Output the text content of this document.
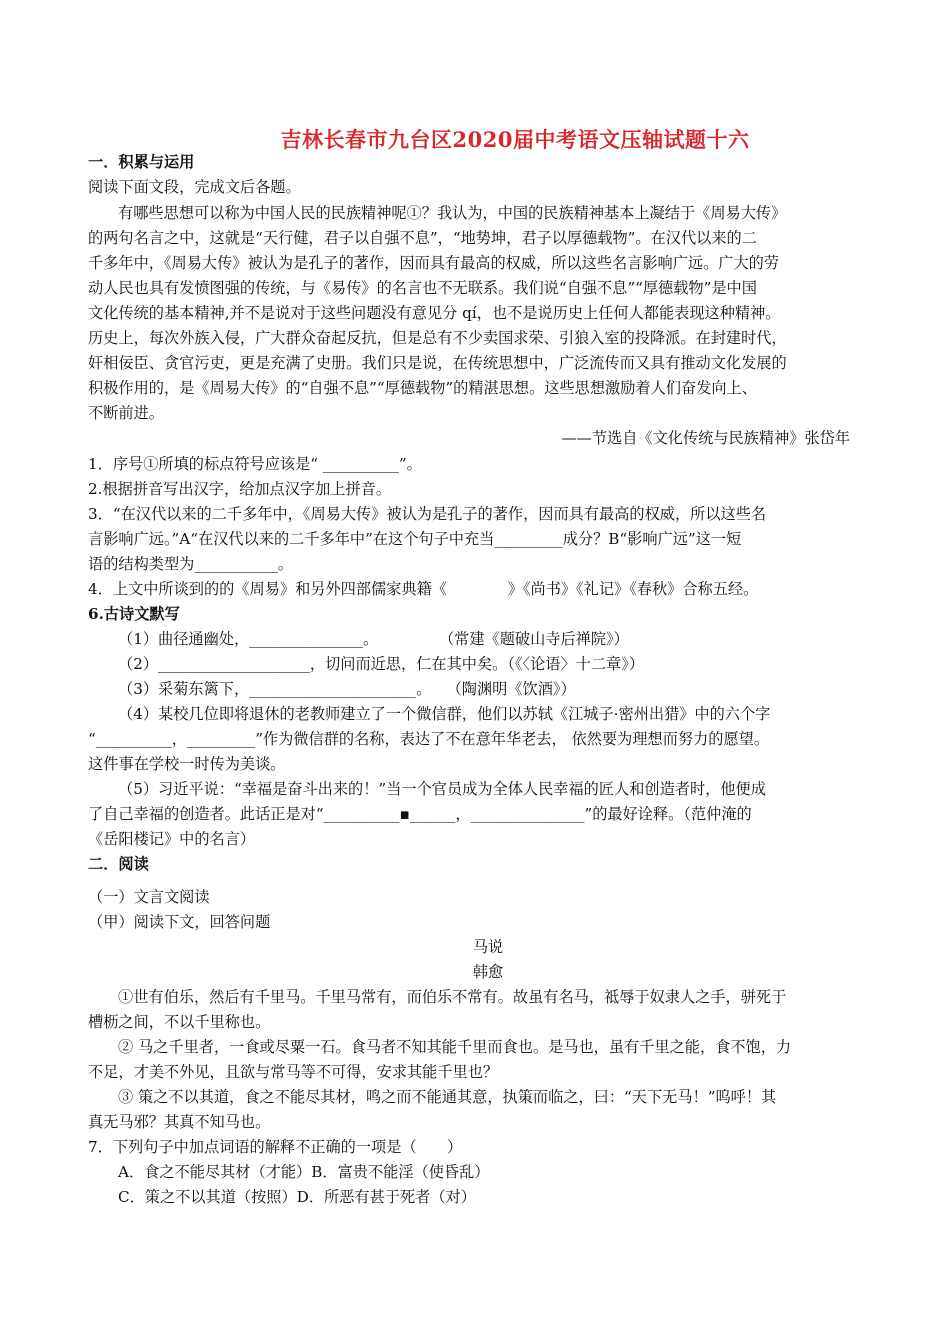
吉林长春市九台区2020届中考语文压轴试题十六
一．积累与运用
阅读下面文段，完成文后各题。
有哪些思想可以称为中国人民的民族精神呢①？我认为，中国的民族精神基本上凝结于《周易大传》
的两句名言之中，这就是“天行健，君子以自强不息”，“地势坤，君子以厚德载物”。在汉代以来的二
千多年中，《周易大传》被认为是孔子的著作，因而具有最高的权威，所以这些名言影响广远。广大的劳
动人民也具有发愤图强的传统，与《易传》的名言也不无联系。我们说“自强不息”“厚德载物”是中国
文化传统的基本精神,并不是说对于这些问题没有意见分 qí，也不是说历史上任何人都能表现这种精神。
历史上，每次外族入侵，广大群众奋起反抗，但是总有不少卖国求荣、引狼入室的投降派。在封建时代，
奸相佞臣、贪官污吏，更是充满了史册。我们只是说，在传统思想中，广泛流传而又具有推动文化发展的
积极作用的，是《周易大传》的“自强不息”“厚德载物”的精湛思想。这些思想激励着人们奋发向上、
不断前进。
——节选自《文化传统与民族精神》张岱年
1．序号①所填的标点符号应该是“ __________”。
2.根据拼音写出汉字，给加点汉字加上拼音。
3．“在汉代以来的二千多年中，《周易大传》被认为是孔子的著作，因而具有最高的权威，所以这些名
言影响广远。”A“在汉代以来的二千多年中”在这个句子中充当_________成分？B“影响广远”这一短
语的结构类型为___________。
4．上文中所谈到的的《周易》和另外四部儒家典籍《　　　　》《尚书》《礼记》《春秋》合称五经。
6.古诗文默写
（1）曲径通幽处，_______________。　　　　　（常建《题破山寺后禅院》）
（2）____________________，切问而近思，仁在其中矣。（《〈论语〉十二章》）
（3）采菊东篱下，______________________。　　（陶渊明《饮酒》）
（4）某校几位即将退休的老教师建立了一个微信群，他们以苏轼《江城子·密州出猎》中的六个字
“__________，_________”作为微信群的名称，表达了不在意年华老去， 依然要为理想而努力的愿望。
这件事在学校一时传为美谈。
（5）习近平说：“幸福是奋斗出来的！”当一个官员成为全体人民幸福的匠人和创造者时，他便成
了自己幸福的创造者。此话正是对“__________▪______，_______________”的最好诠释。（范仲淹的
《岳阳楼记》中的名言）
二．阅读
（一）文言文阅读
（甲）阅读下文，回答问题
马说
韩愈
①世有伯乐，然后有千里马。千里马常有，而伯乐不常有。故虽有名马，祗辱于奴隶人之手，骈死于
槽枥之间，不以千里称也。
② 马之千里者，一食或尽粟一石。食马者不知其能千里而食也。是马也，虽有千里之能，食不饱，力
不足，才美不外见，且欲与常马等不可得，安求其能千里也？
③ 策之不以其道，食之不能尽其材，鸣之而不能通其意，执策而临之，曰：“天下无马！”呜呼！其
真无马邪？其真不知马也。
7．下列句子中加点词语的解释不正确的一项是（　　）
A．食之不能尽其材（才能）B．富贵不能淫（使昏乱）
C．策之不以其道（按照）D．所恶有甚于死者（对）
